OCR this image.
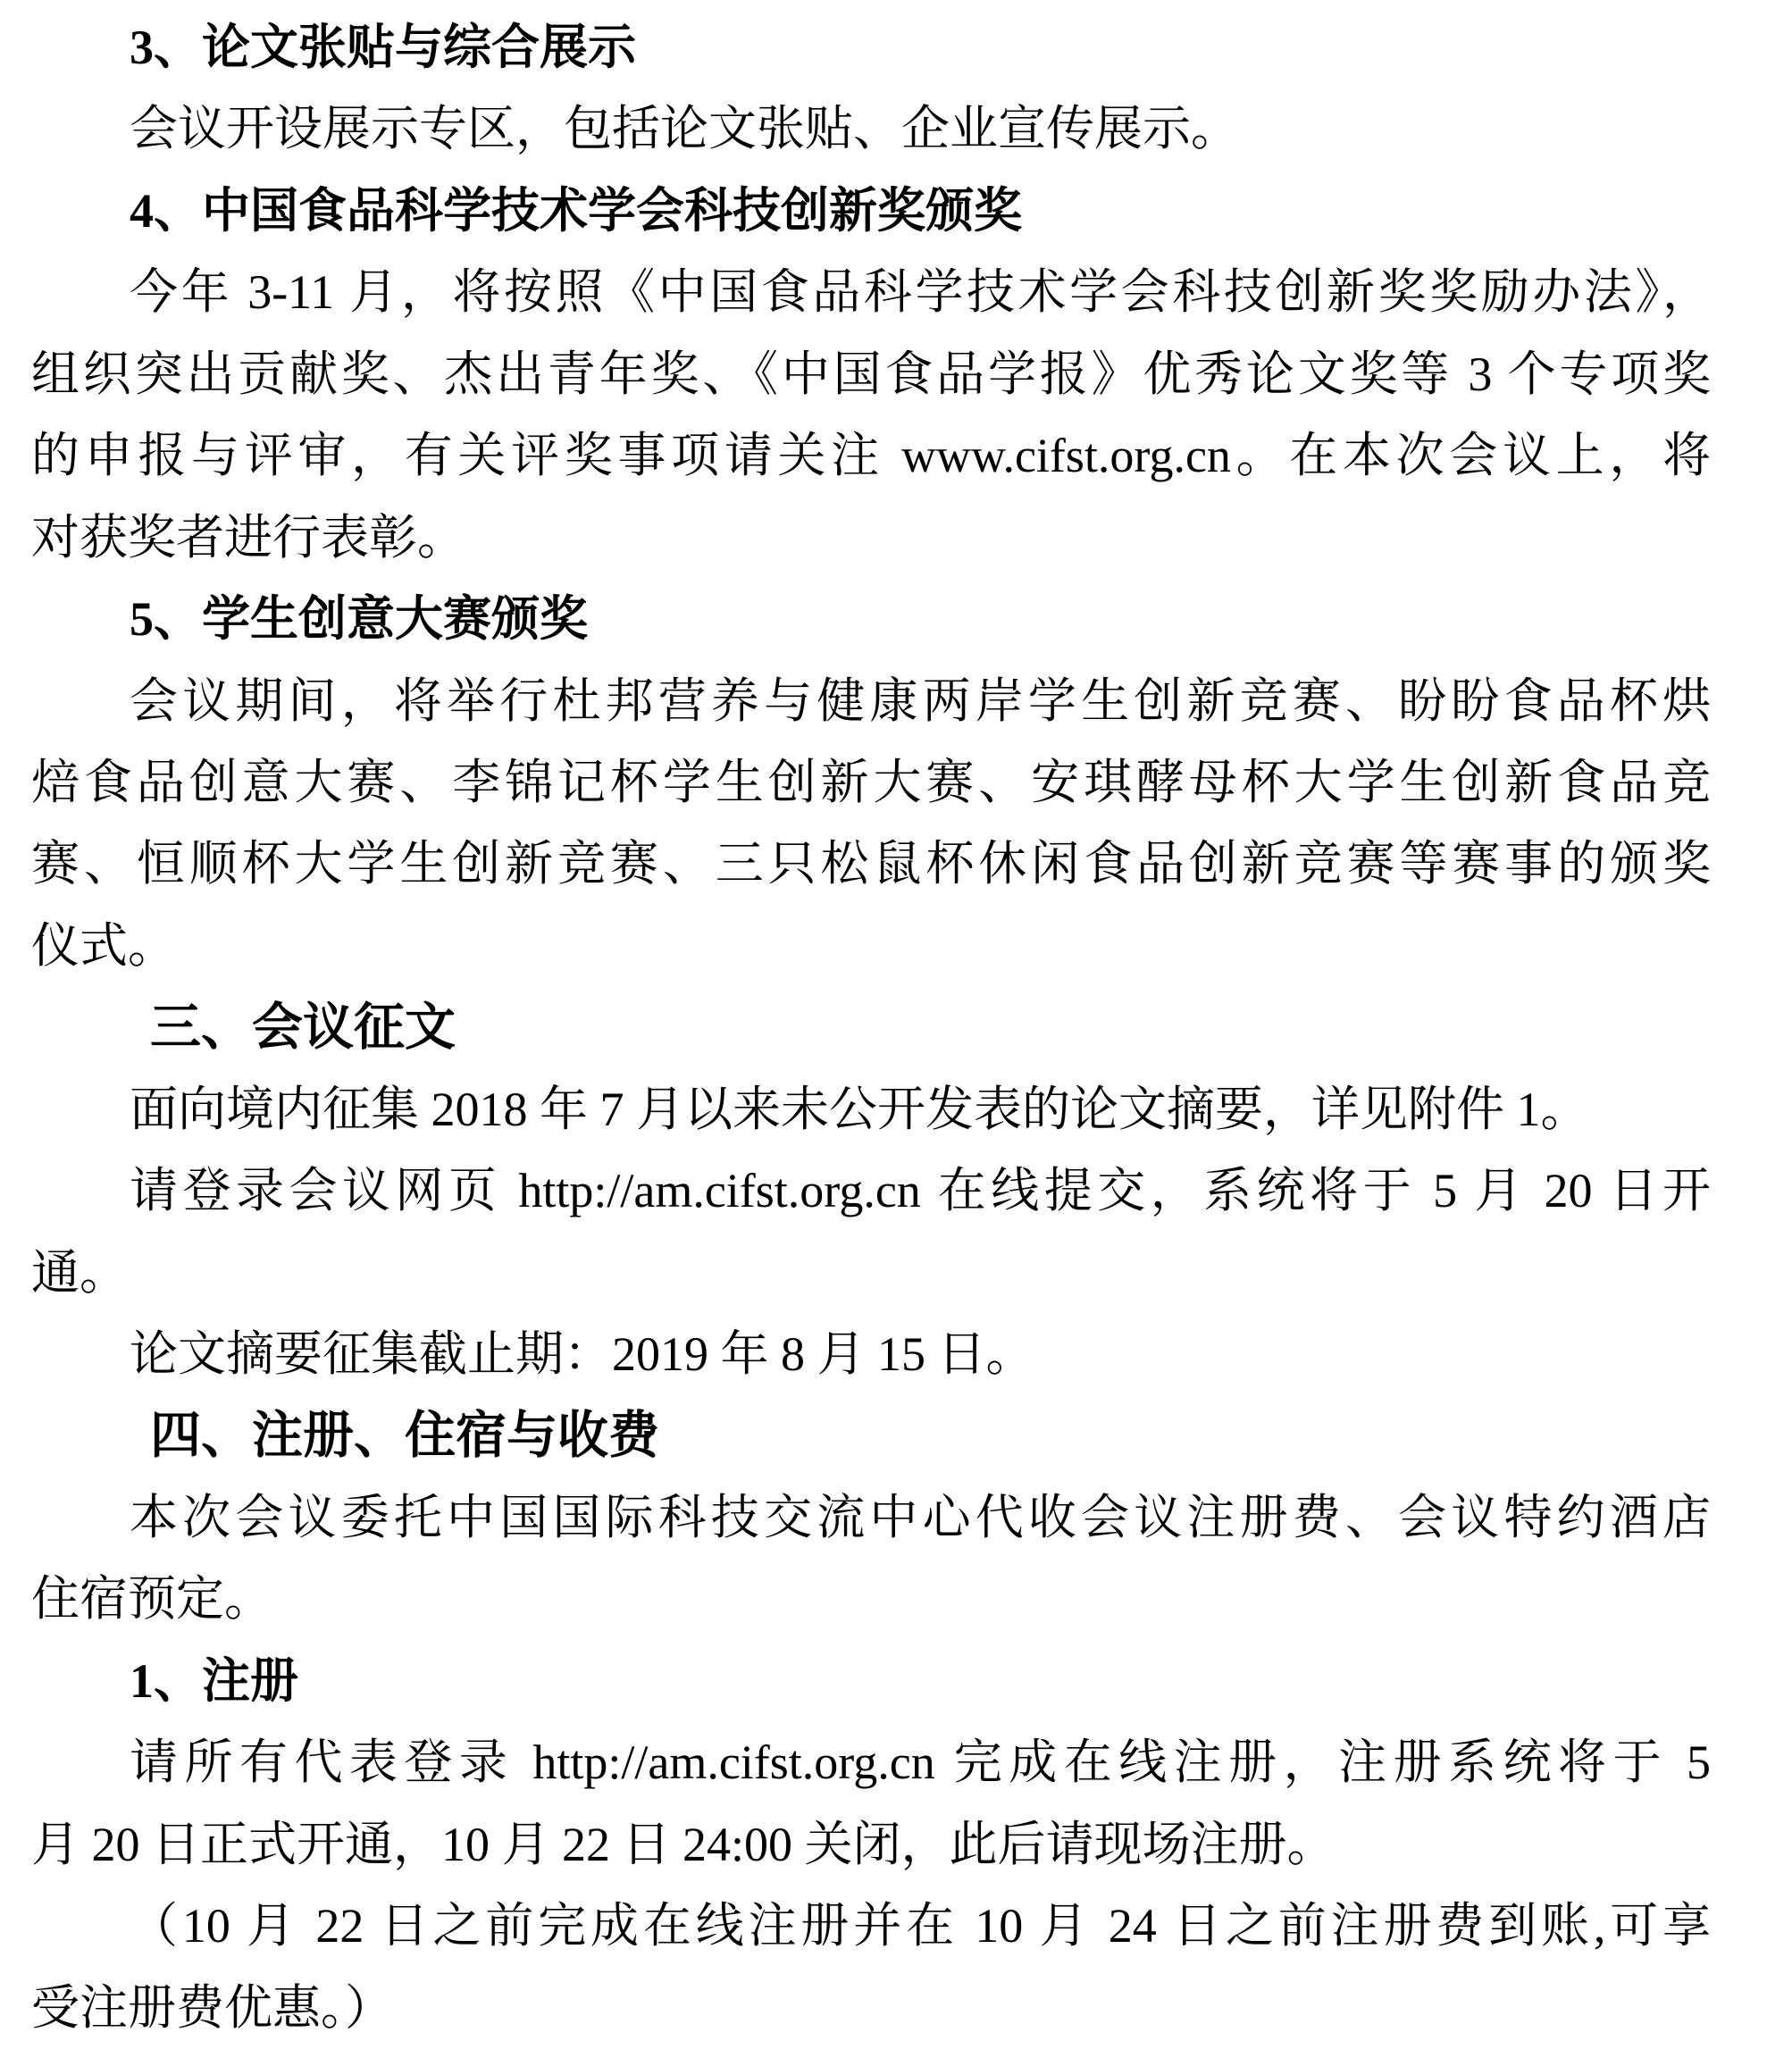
3、论文张贴与综合展示
会议开设展示专区，包括论文张贴、企业宣传展示。
4、中国食品科学技术学会科技创新奖颁奖
今年 3-11 月，将按照《中国食品科学技术学会科技创新奖奖励办法》，
组织突出贡献奖、杰出青年奖、《中国食品学报》优秀论文奖等 3 个专项奖
的申报与评审，有关评奖事项请关注 www.cifst.org.cn。在本次会议上，将
对获奖者进行表彰。
5、学生创意大赛颁奖
会议期间，将举行杜邦营养与健康两岸学生创新竞赛、盼盼食品杯烘
焙食品创意大赛、李锦记杯学生创新大赛、安琪酵母杯大学生创新食品竞
赛、恒顺杯大学生创新竞赛、三只松鼠杯休闲食品创新竞赛等赛事的颁奖
仪式。
三、会议征文
面向境内征集 2018 年 7 月以来未公开发表的论文摘要，详见附件 1。
请登录会议网页 http://am.cifst.org.cn 在线提交，系统将于 5 月 20 日开
通。
论文摘要征集截止期：2019 年 8 月 15 日。
四、注册、住宿与收费
本次会议委托中国国际科技交流中心代收会议注册费、会议特约酒店
住宿预定。
1、注册
请所有代表登录 http://am.cifst.org.cn 完成在线注册，注册系统将于 5
月 20 日正式开通，10 月 22 日 24:00 关闭，此后请现场注册。
（10 月 22 日之前完成在线注册并在 10 月 24 日之前注册费到账,可享
受注册费优惠。）
